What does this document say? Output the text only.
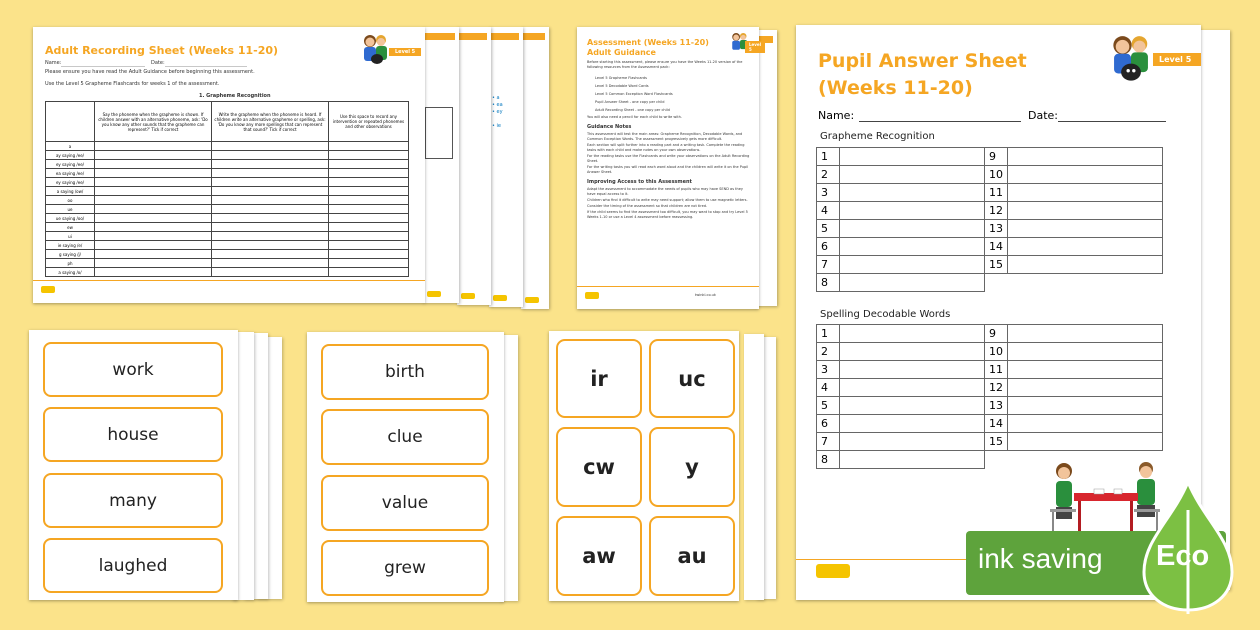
• a
• ea
• ey

• ie
Adult Recording Sheet (Weeks 11-20)	Level 5
Name:	Date:
Please ensure you have read the Adult Guidance before beginning this assessment.
Use the Level 5 Grapheme Flashcards for weeks 1 of the assessment.
1. Grapheme Recognition
	Say the phoneme when the grapheme is shown. If children answer with an alternative phoneme, ask: 'Do you know any other sounds that the grapheme can represent?' Tick if correct	Write the grapheme when the phoneme is heard. If children write an alternative grapheme or spelling, ask: 'Do you know any more spellings that can represent that sound?' Tick if correct	Use this space to record any intervention or repeated phonemes and other observations
a			
ay saying /ee/			
ey saying /ee/			
ea saying /ee/			
ey saying /ee/			
a saying /ow/			
oo			
ue			
ue saying /oo/			
ew			
ui			
ie saying /e/			
g saying /j/			
ph			
a saying /o/			
Assessment (Weeks 11-20)
Adult Guidance
Level 5
Before starting this assessment, please ensure you have the Weeks 11-20 version of the following resources from the Assessment pack:
Level 5 Grapheme Flashcards
Level 5 Decodable Word Cards
Level 5 Common Exception Word Flashcards
Pupil Answer Sheet - one copy per child
Adult Recording Sheet - one copy per child
You will also need a pencil for each child to write with.
Guidance Notes
This assessment will test the main areas: Grapheme Recognition, Decodable Words, and Common Exception Words. The assessment progressively gets more difficult.
Each section will split further into a reading part and a writing task. Complete the reading tasks with each child and make notes on your own observations.
For the reading tasks use the Flashcards and write your observations on the Adult Recording Sheet.
For the writing tasks you will read each word aloud and the children will write it on the Pupil Answer Sheet.
Improving Access to this Assessment
Adapt the assessment to accommodate the needs of pupils who may have SEND as they have equal access to it.
Children who find it difficult to write may need support; allow them to use magnetic letters.
Consider the timing of the assessment so that children are not tired.
If the child seems to find the assessment too difficult, you may want to stop and try Level 5 Weeks 1-10 or use a Level 4 assessment before reassessing.
twinkl.co.uk
Pupil Answer Sheet
(Weeks 11-20)
Level 5
Name:	Date:
Grapheme Recognition
1		9	
2		10	
3		11	
4		12	
5		13	
6		14	
7		15	
8			
Spelling Decodable Words
1		9	
2		10	
3		11	
4		12	
5		13	
6		14	
7		15	
8			
work
house
many
laughed
birth
clue
value
grew
ir	uc
cw	y
aw	au	ink saving Eco
